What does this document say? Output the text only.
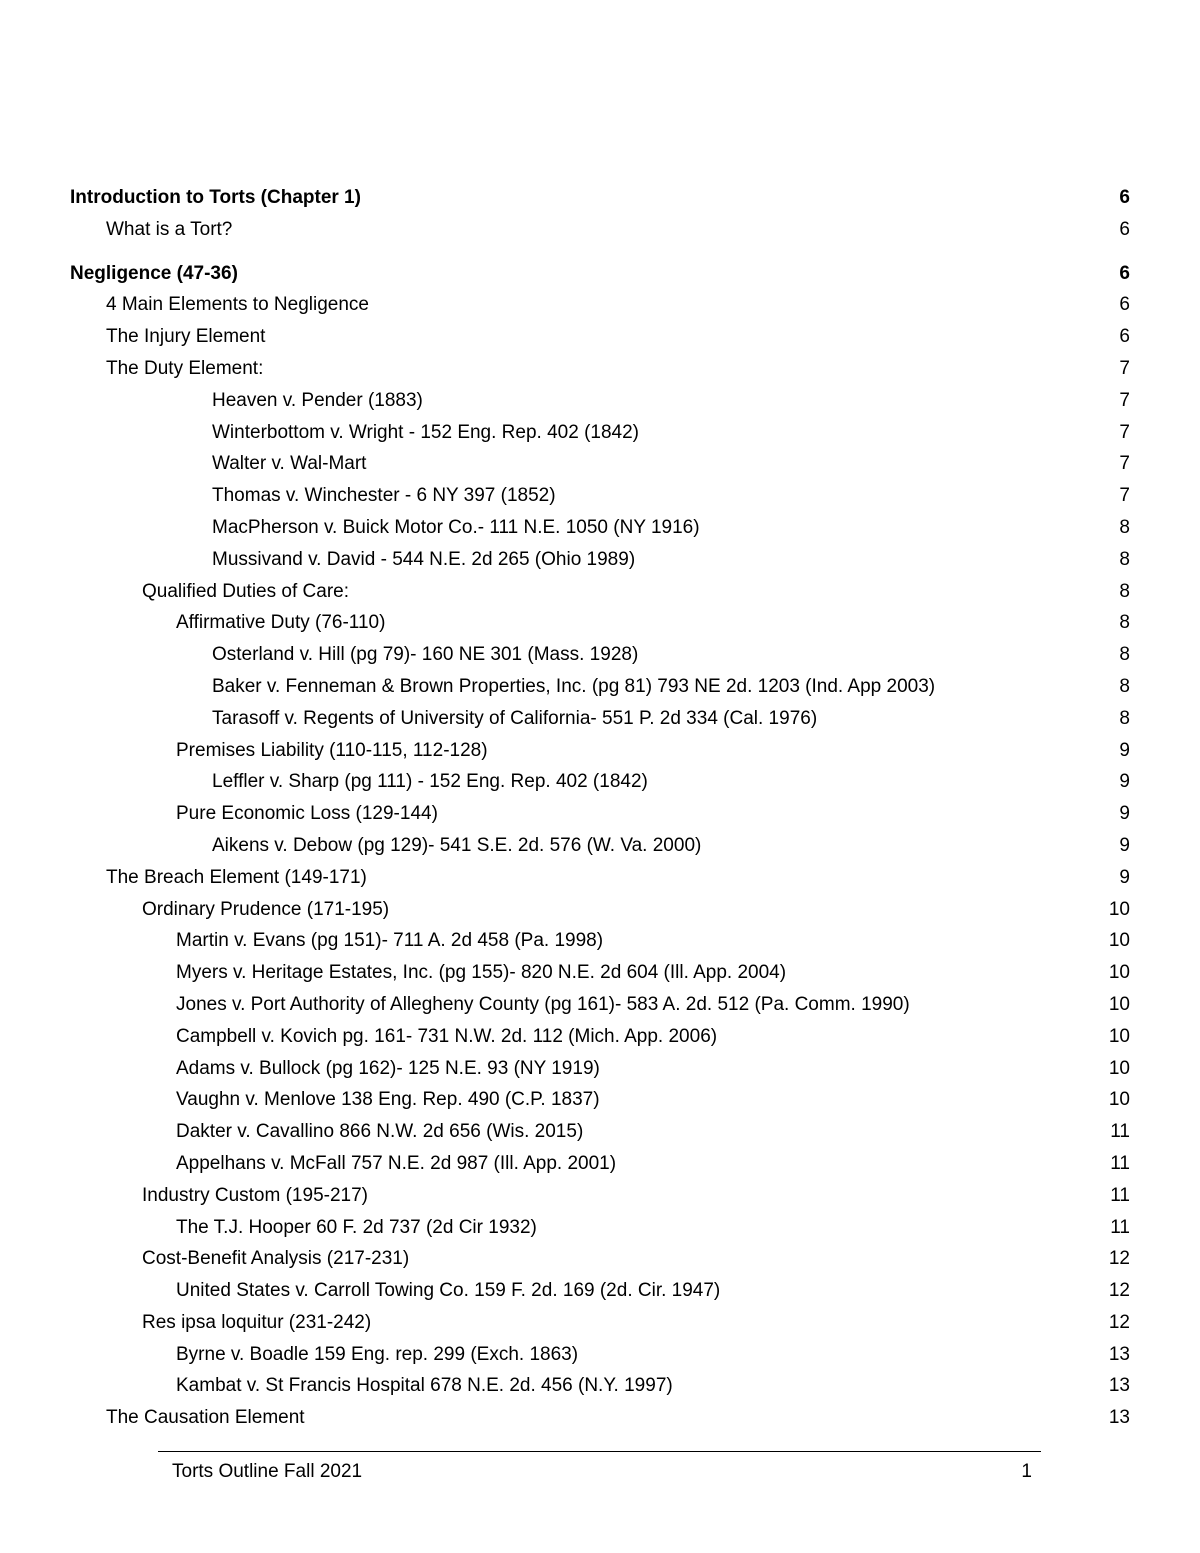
Introduction to Torts (Chapter 1)	6
What is a Tort?	6
Negligence (47-36)	6
4 Main Elements to Negligence	6
The Injury Element	6
The Duty Element:	7
Heaven v. Pender (1883)	7
Winterbottom v. Wright - 152 Eng. Rep. 402 (1842)	7
Walter v. Wal-Mart	7
Thomas v. Winchester - 6 NY 397 (1852)	7
MacPherson v. Buick Motor Co.- 111 N.E. 1050 (NY 1916)	8
Mussivand v. David - 544 N.E. 2d 265 (Ohio 1989)	8
Qualified Duties of Care:	8
Affirmative Duty (76-110)	8
Osterland v. Hill (pg 79)- 160 NE 301 (Mass. 1928)	8
Baker v. Fenneman & Brown Properties, Inc. (pg 81) 793 NE 2d. 1203 (Ind. App 2003)	8
Tarasoff v. Regents of University of California- 551 P. 2d 334 (Cal. 1976)	8
Premises Liability (110-115, 112-128)	9
Leffler v. Sharp (pg 111) - 152 Eng. Rep. 402 (1842)	9
Pure Economic Loss (129-144)	9
Aikens v. Debow (pg 129)- 541 S.E. 2d. 576 (W. Va. 2000)	9
The Breach Element (149-171)	9
Ordinary Prudence (171-195)	10
Martin v. Evans (pg 151)- 711 A. 2d 458 (Pa. 1998)	10
Myers v. Heritage Estates, Inc. (pg 155)- 820 N.E. 2d 604 (Ill. App. 2004)	10
Jones v. Port Authority of Allegheny County (pg 161)- 583 A. 2d. 512 (Pa. Comm. 1990)	10
Campbell v. Kovich pg. 161- 731 N.W. 2d. 112 (Mich. App. 2006)	10
Adams v. Bullock (pg 162)- 125 N.E. 93 (NY 1919)	10
Vaughn v. Menlove 138 Eng. Rep. 490 (C.P. 1837)	10
Dakter v. Cavallino 866 N.W. 2d 656 (Wis. 2015)	11
Appelhans v. McFall 757 N.E. 2d 987 (Ill. App. 2001)	11
Industry Custom (195-217)	11
The T.J. Hooper 60 F. 2d 737 (2d Cir 1932)	11
Cost-Benefit Analysis (217-231)	12
United States v. Carroll Towing Co. 159 F. 2d. 169 (2d. Cir. 1947)	12
Res ipsa loquitur (231-242)	12
Byrne v. Boadle 159 Eng. rep. 299 (Exch. 1863)	13
Kambat v. St Francis Hospital 678 N.E. 2d. 456 (N.Y. 1997)	13
The Causation Element	13
Torts Outline Fall 2021	1
